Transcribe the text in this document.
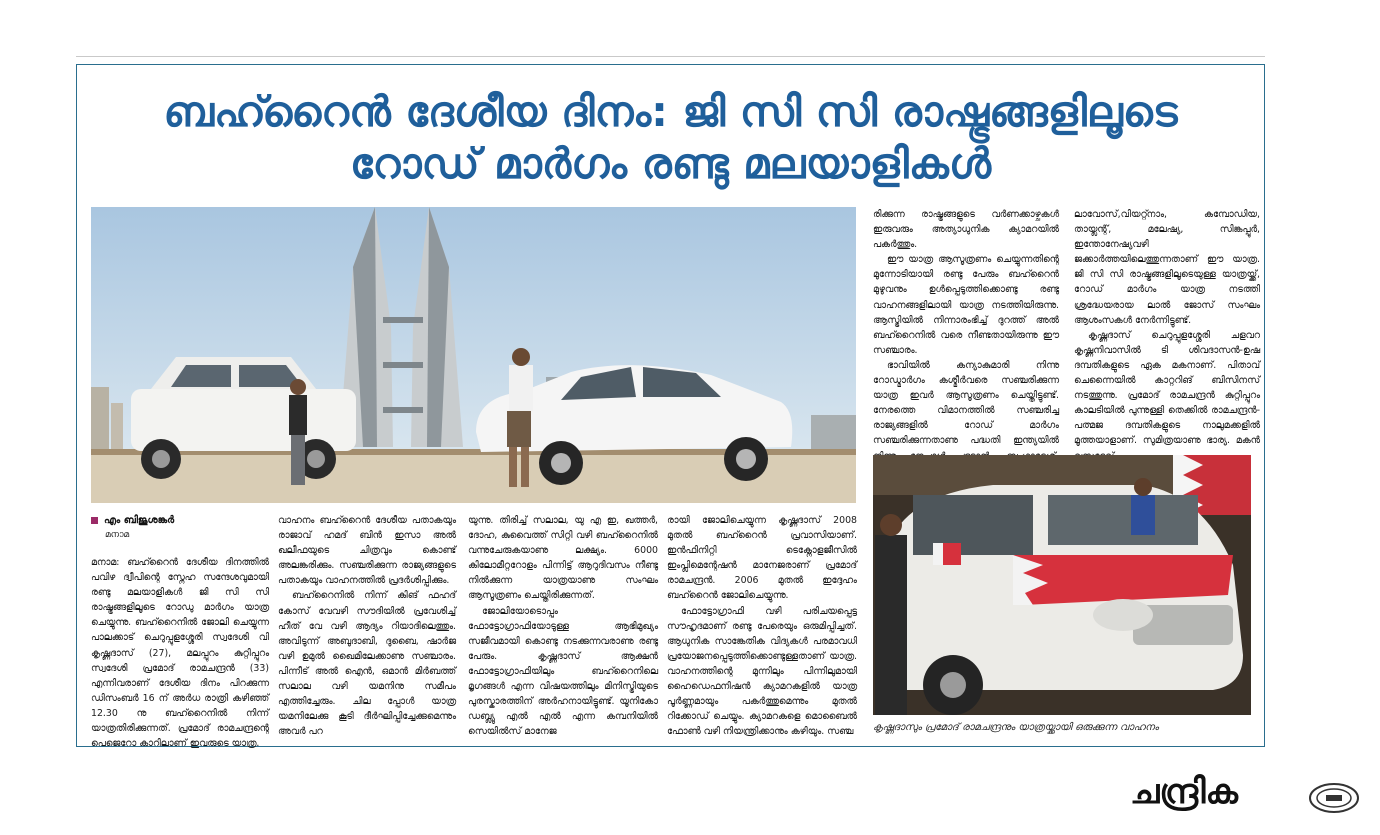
ബഹ്റൈൻ ദേശീയ ദിനം: ജി സി സി രാഷ്ട്രങ്ങളിലൂടെ
റോഡ് മാർഗം രണ്ടു മലയാളികൾ
എം ബിജുശങ്കർ
മനാമ

മനാമ: ബഹ്റൈൻ ദേശീയ ദിനത്തിൽ പവിഴ ദ്വീപിന്റെ സ്നേഹ സന്ദേശവുമായി രണ്ടു മലയാളികൾ ജി സി സി രാഷ്ട്രങ്ങളിലൂടെ റോഡു മാർഗം യാത്ര ചെയ്യുന്നു. ബഹ്റൈനിൽ ജോലി ചെയ്യുന്ന പാലക്കാട് ചെറുപ്പുളശ്ശേരി സ്വദേശി വി കൃഷ്ണദാസ് (27), മലപ്പുറം കുറ്റിപ്പുറം സ്വദേശി പ്രമോദ് രാമചന്ദ്രൻ (33) എന്നിവരാണ് ദേശീയ ദിനം പിറക്കുന്ന ഡിസംബർ 16 ന് അർധ രാത്രി കഴിഞ്ഞ് 12.30 നു ബഹ്റൈനിൽ നിന്ന് യാത്രതിരിക്കുന്നത്. പ്രമോദ് രാമചന്ദ്രന്റെ പെജെറോ കാറിലാണ് ഇവരുടെ യാത്ര.

വാഹനം ബഹ്റൈൻ ദേശീയ പതാകയും രാജാവ് ഹമദ് ബിൻ ഇസാ അൽ ഖലീഫയുടെ ചിത്രവും കൊണ്ട് അലങ്കരിക്കും. സഞ്ചരിക്കുന്ന രാജ്യങ്ങളുടെ പതാകയും വാഹനത്തിൽ പ്രദർശിപ്പിക്കും.

ബഹ്റൈനിൽ നിന്ന് കിങ് ഫഹദ് കോസ് വേവഴി സൗദിയിൽ പ്രവേശിച്ച് ഹീത് വേ വഴി ആദ്യം റിയാദിലെത്തും. അവിടുന്ന് അബുദാബി, ദുബൈ, ഷാർജ വഴി ഉമുൽ ഖൈമിലേക്കാണു സഞ്ചാരം. പിന്നീട് അൽ ഐൻ, ഒമാൻ മിർബത്ത് സലാല വഴി യമനിനു സമീപം എത്തിച്ചേരും. ചില പ്പോൾ യാത്ര യമനിലേക്കു കൂടി ദീർഘിപ്പിച്ചേക്കുമെന്നും അവർ പറ

യുന്നു. തിരിച്ച് സലാല, യു എ ഇ, ഖത്തർ, ദോഹ, കുവൈത്ത് സിറ്റി വഴി ബഹ്റൈനിൽ വന്നുചേരുകയാണു ലക്ഷ്യം. 6000 കിലോമീറ്ററോളം പിന്നിട്ട് ആറുദിവസം നീണ്ടു നിൽക്കുന്ന യാത്രയാണു സംഘം ആസൂത്രണം ചെയ്തിരിക്കുന്നത്.

ജോലിയോടൊപ്പം ഫോട്ടോഗ്രാഫിയോടുള്ള ആഭിമുഖ്യം സജീവമായി കൊണ്ടു നടക്കുന്നവരാണു രണ്ടു പേരും. കൃഷ്ണദാസ് ആക്ഷൻ ഫോട്ടോഗ്രാഫിയിലും ബഹ്റൈനിലെ മൃഗങ്ങൾ എന്ന വിഷയത്തിലും മിനിസ്ട്രിയുടെ പുരസ്കാരത്തിന് അർഹനായിട്ടുണ്ട്. യൂനികോ ഡബ്ല്യു എൽ എൽ എന്ന കമ്പനിയിൽ സെയിൽസ് മാനേജ

രായി ജോലിചെയ്യുന്ന കൃഷ്ണദാസ് 2008 മുതൽ ബഹ്റൈൻ പ്രവാസിയാണ്. ഇൻഫിനിറ്റി ടെക്നോളജീസിൽ ഇംപ്ലിമെന്റേഷൻ മാനേജരാണ് പ്രമോദ് രാമചന്ദ്രൻ. 2006 മുതൽ ഇദ്ദേഹം ബഹ്റൈൻ ജോലിചെയ്യുന്നു.

ഫോട്ടോഗ്രാഫി വഴി പരിചയപ്പെട്ട സൗഹൃദമാണ് രണ്ടു പേരെയും ഒരുമിപ്പിച്ചത്. ആധുനിക സാങ്കേതിക വിദ്യകൾ പരമാവധി പ്രയോജനപ്പെടുത്തിക്കൊണ്ടുള്ളതാണ് യാത്ര. വാഹനത്തിന്റെ മുന്നിലും പിന്നിലുമായി ഹൈഡെഫനിഷൻ ക്യാമറകളിൽ യാത്ര പൂർണ്ണമായും പകർത്തുമെന്നും മുതൽ റിക്കോഡ് ചെയ്യും. ക്യാമറകളെ മൊബൈൽ ഫോൺ വഴി നിയന്ത്രിക്കാനും കഴിയും. സഞ്ച

രിക്കുന്ന രാഷ്ട്രങ്ങളുടെ വർണക്കാഴ്ചകൾ ഇരുവരും അത്യാധുനിക ക്യാമറയിൽ പകർത്തും.

ഈ യാത്ര ആസൂത്രണം ചെയ്യുന്നതിന്റെ മുന്നോടിയായി രണ്ടു പേരും ബഹ്റൈൻ മുഴുവനും ഉൾപ്പെടുത്തിക്കൊണ്ടു രണ്ടു വാഹനങ്ങളിലായി യാത്ര നടത്തിയിരുന്നു. ആസ്ട്രിയിൽ നിന്നാരംഭിച്ച് ദുറത്ത് അൽ ബഹ്റൈനിൽ വരെ നീണ്ടതായിരുന്നു ഈ സഞ്ചാരം.

ഭാവിയിൽ കന്യാകുമാരി നിന്നു റോഡ്മാർഗം കശ്മീർവരെ സഞ്ചരിക്കുന്ന യാത്ര ഇവർ ആസൂത്രണം ചെയ്തിട്ടുണ്ട്. നേരത്തെ വിമാനത്തിൽ സഞ്ചരിച്ച രാജ്യങ്ങളിൽ റോഡ് മാർഗം സഞ്ചരിക്കുന്നതാണു പദ്ധതി ഇന്ത്യയിൽ

ലാവോസ്,വിയറ്റ്നാം, കമ്പോഡിയ, തായ്ലന്റ്, മലേഷ്യ, സിങ്കപ്പൂർ, ഇന്തോനേഷ്യവഴി ജക്കാർത്തയിലെത്തുന്നതാണ് ഈ യാത്ര. ജി സി സി രാഷ്ട്രങ്ങളിലൂടെയുള്ള യാത്രയ്ക്ക്, റോഡ് മാർഗം യാത്ര നടത്തി ശ്രദ്ധേയരായ ലാൽ ജോസ് സംഘം ആശംസകൾ നേർന്നിട്ടുണ്ട്.

കൃഷ്ണദാസ് ചെറുപ്പുളശ്ശേരി ചളവറ കൃഷ്ണനിവാസിൽ ടി ശിവദാസൻ-ഉഷ ദമ്പതികളുടെ ഏക മകനാണ്. പിതാവ് ചെന്നൈയിൽ കാറ്ററിങ് ബിസിനസ് നടത്തുന്നു. പ്രമോദ് രാമചന്ദ്രൻ കുറ്റിപ്പുറം കാലടിയിൽ പുന്നുള്ളി തെക്കിൽ രാമചന്ദ്രൻ-പത്മജ ദമ്പതികളുടെ നാലുമക്കളിൽ മൂത്തയാളാണ്. സുമിത്രയാണു ഭാര്യ. മകൻ

കൃഷ്ണദാസും പ്രമോദ് രാമചന്ദ്രനും യാത്രയ്ക്കായി ഒരുക്കുന്ന വാഹനം
ചന്ദ്രിക
